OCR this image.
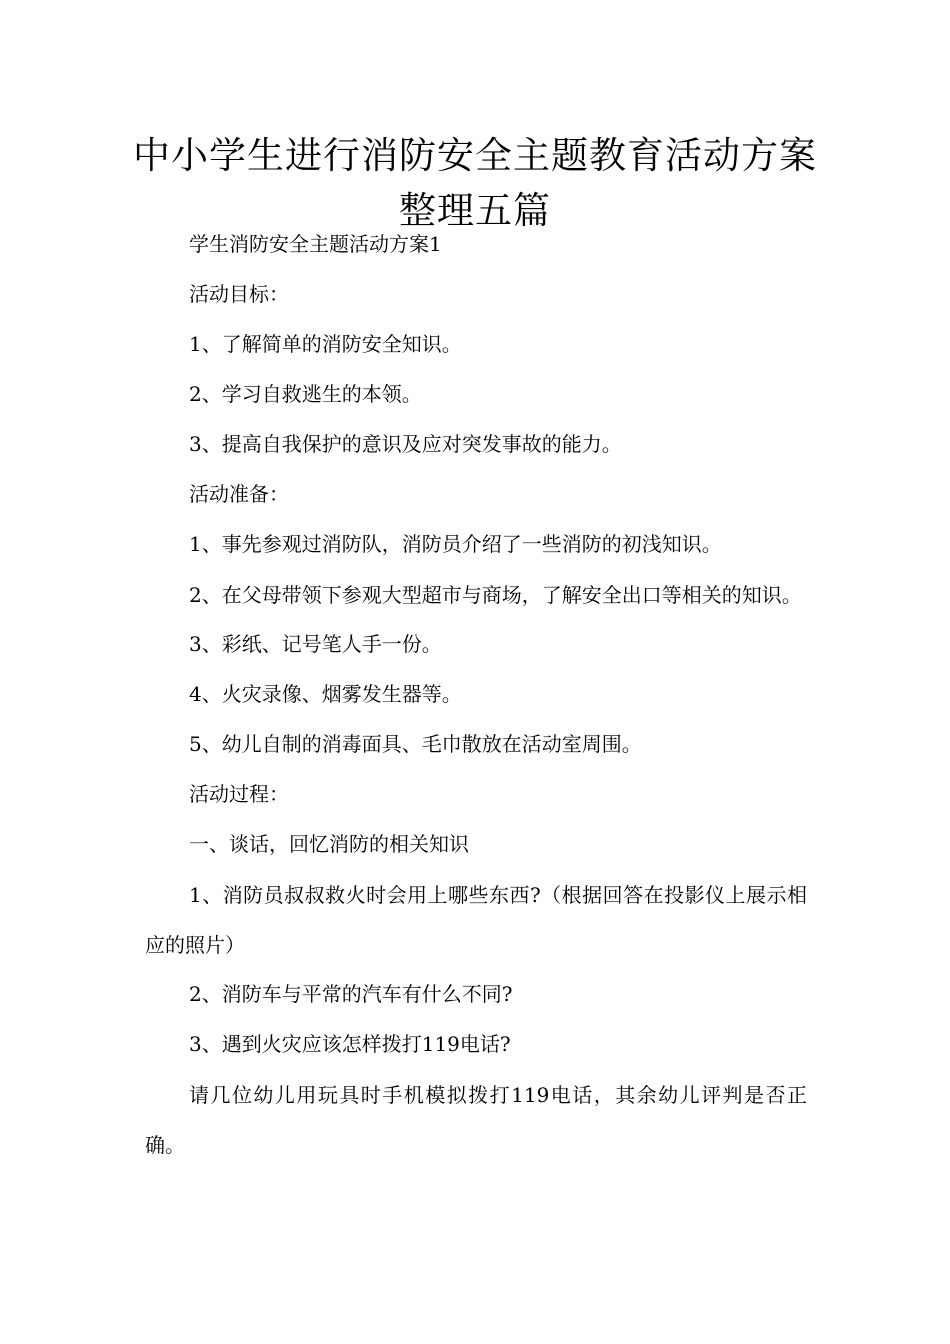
中小学生进行消防安全主题教育活动方案整理五篇

学生消防安全主题活动方案1

活动目标：

1、了解简单的消防安全知识。

2、学习自救逃生的本领。

3、提高自我保护的意识及应对突发事故的能力。

活动准备：

1、事先参观过消防队，消防员介绍了一些消防的初浅知识。

2、在父母带领下参观大型超市与商场，了解安全出口等相关的知识。

3、彩纸、记号笔人手一份。

4、火灾录像、烟雾发生器等。

5、幼儿自制的消毒面具、毛巾散放在活动室周围。

活动过程：

一、谈话，回忆消防的相关知识

1、消防员叔叔救火时会用上哪些东西?（根据回答在投影仪上展示相应的照片）

2、消防车与平常的汽车有什么不同?

3、遇到火灾应该怎样拨打119电话?

请几位幼儿用玩具时手机模拟拨打119电话，其余幼儿评判是否正确。
